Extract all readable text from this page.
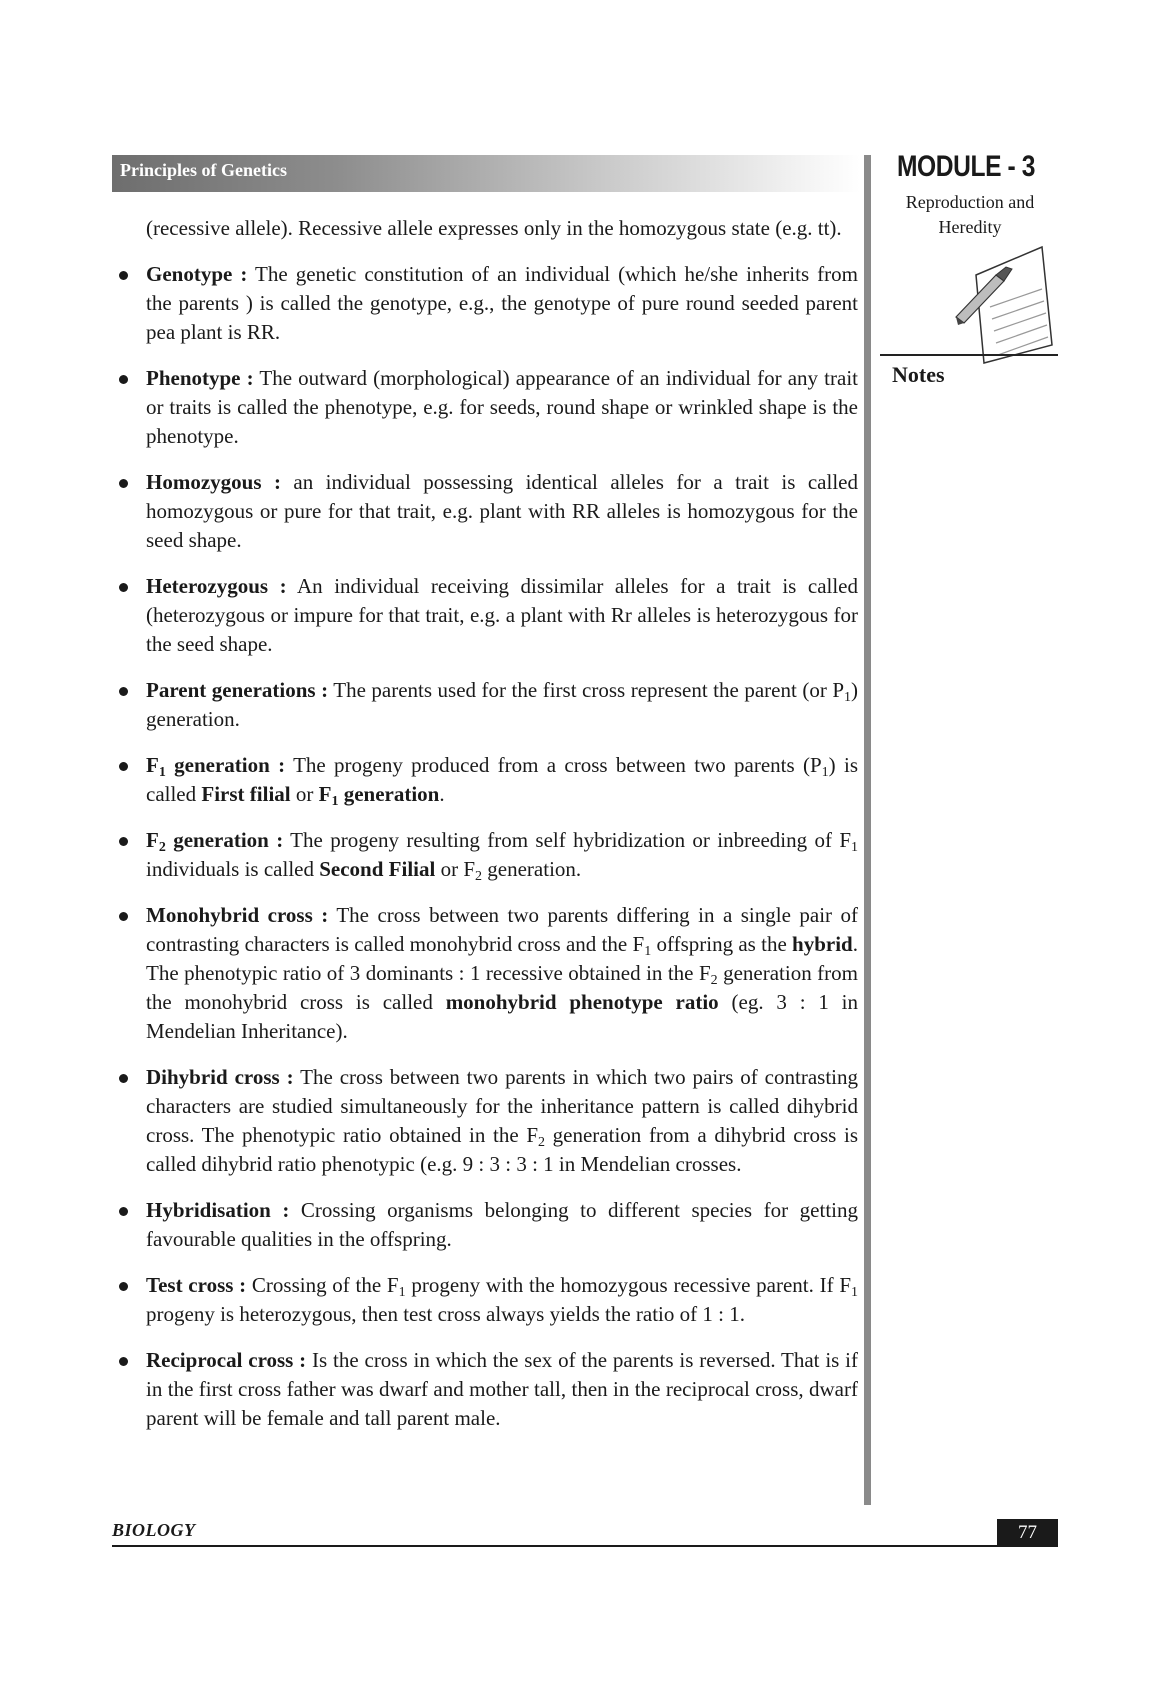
Principles of Genetics	MODULE - 3
Reproduction and
Heredity
Notes

(recessive allele). Recessive allele expresses only in the homozygous state (e.g. tt).

Genotype : The genetic constitution of an individual (which he/she inherits from the parents ) is called the genotype, e.g., the genotype of pure round seeded parent pea plant is RR.

Phenotype : The outward (morphological) appearance of an individual for any trait or traits is called the phenotype, e.g. for seeds, round shape or wrinkled shape is the phenotype.

Homozygous : an individual possessing identical alleles for a trait is called homozygous or pure for that trait, e.g. plant with RR alleles is homozygous for the seed shape.

Heterozygous : An individual receiving dissimilar alleles for a trait is called (heterozygous or impure for that trait, e.g. a plant with Rr alleles is heterozygous for the seed shape.

Parent generations : The parents used for the first cross represent the parent (or $P_1$) generation.

$F_1$ generation : The progeny produced from a cross between two parents $(P_1)$ is called First filial or $F_1$ generation.

$F_2$ generation : The progeny resulting from self hybridization or inbreeding of $F_1$ individuals is called Second Filial or $F_2$ generation.

Monohybrid cross : The cross between two parents differing in a single pair of contrasting characters is called monohybrid cross and the $F_1$ offspring as the hybrid. The phenotypic ratio of 3 dominants : 1 recessive obtained in the $F_2$ generation from the monohybrid cross is called monohybrid phenotype ratio (eg. 3 : 1 in Mendelian Inheritance).

Dihybrid cross : The cross between two parents in which two pairs of contrasting characters are studied simultaneously for the inheritance pattern is called dihybrid cross. The phenotypic ratio obtained in the $F_2$ generation from a dihybrid cross is called dihybrid ratio phenotypic (e.g. 9 : 3 : 3 : 1 in Mendelian crosses.

Hybridisation : Crossing organisms belonging to different species for getting favourable qualities in the offspring.

Test cross : Crossing of the $F_1$ progeny with the homozygous recessive parent. If $F_1$ progeny is heterozygous, then test cross always yields the ratio of 1 : 1.

Reciprocal cross : Is the cross in which the sex of the parents is reversed. That is if in the first cross father was dwarf and mother tall, then in the reciprocal cross, dwarf parent will be female and tall parent male.

BIOLOGY	77
